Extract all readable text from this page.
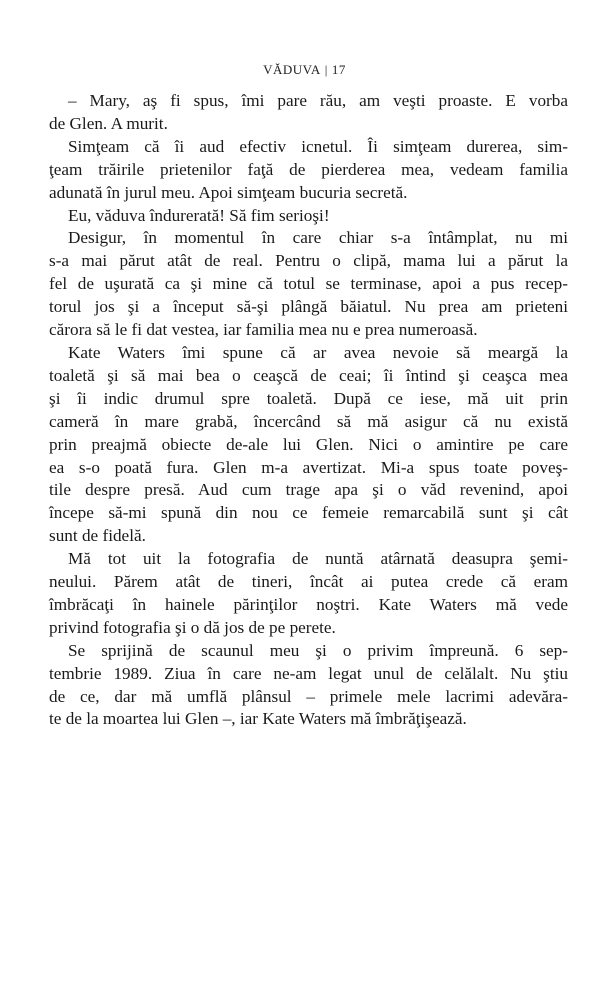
VĂDUVA | 17

– Mary, aş fi spus, îmi pare rău, am veşti proaste. E vorba
de Glen. A murit.

Simţeam că îi aud efectiv icnetul. Îi simţeam durerea, sim-
ţeam trăirile prietenilor faţă de pierderea mea, vedeam familia
adunată în jurul meu. Apoi simţeam bucuria secretă.

Eu, văduva îndurerată! Să fim serioşi!

Desigur, în momentul în care chiar s-a întâmplat, nu mi
s-a mai părut atât de real. Pentru o clipă, mama lui a părut la
fel de uşurată ca şi mine că totul se terminase, apoi a pus recep-
torul jos şi a început să-şi plângă băiatul. Nu prea am prieteni
cărora să le fi dat vestea, iar familia mea nu e prea numeroasă.

Kate Waters îmi spune că ar avea nevoie să meargă la
toaletă şi să mai bea o ceaşcă de ceai; îi întind şi ceaşca mea
şi îi indic drumul spre toaletă. După ce iese, mă uit prin
cameră în mare grabă, încercând să mă asigur că nu există
prin preajmă obiecte de-ale lui Glen. Nici o amintire pe care
ea s-o poată fura. Glen m-a avertizat. Mi-a spus toate poveş-
tile despre presă. Aud cum trage apa şi o văd revenind, apoi
începe să-mi spună din nou ce femeie remarcabilă sunt şi cât
sunt de fidelă.

Mă tot uit la fotografia de nuntă atârnată deasupra şemi-
neului. Părem atât de tineri, încât ai putea crede că eram
îmbrăcaţi în hainele părinţilor noştri. Kate Waters mă vede
privind fotografia şi o dă jos de pe perete.

Se sprijină de scaunul meu şi o privim împreună. 6 sep-
tembrie 1989. Ziua în care ne-am legat unul de celălalt. Nu ştiu
de ce, dar mă umflă plânsul – primele mele lacrimi adevăra-
te de la moartea lui Glen –, iar Kate Waters mă îmbrăţişează.
